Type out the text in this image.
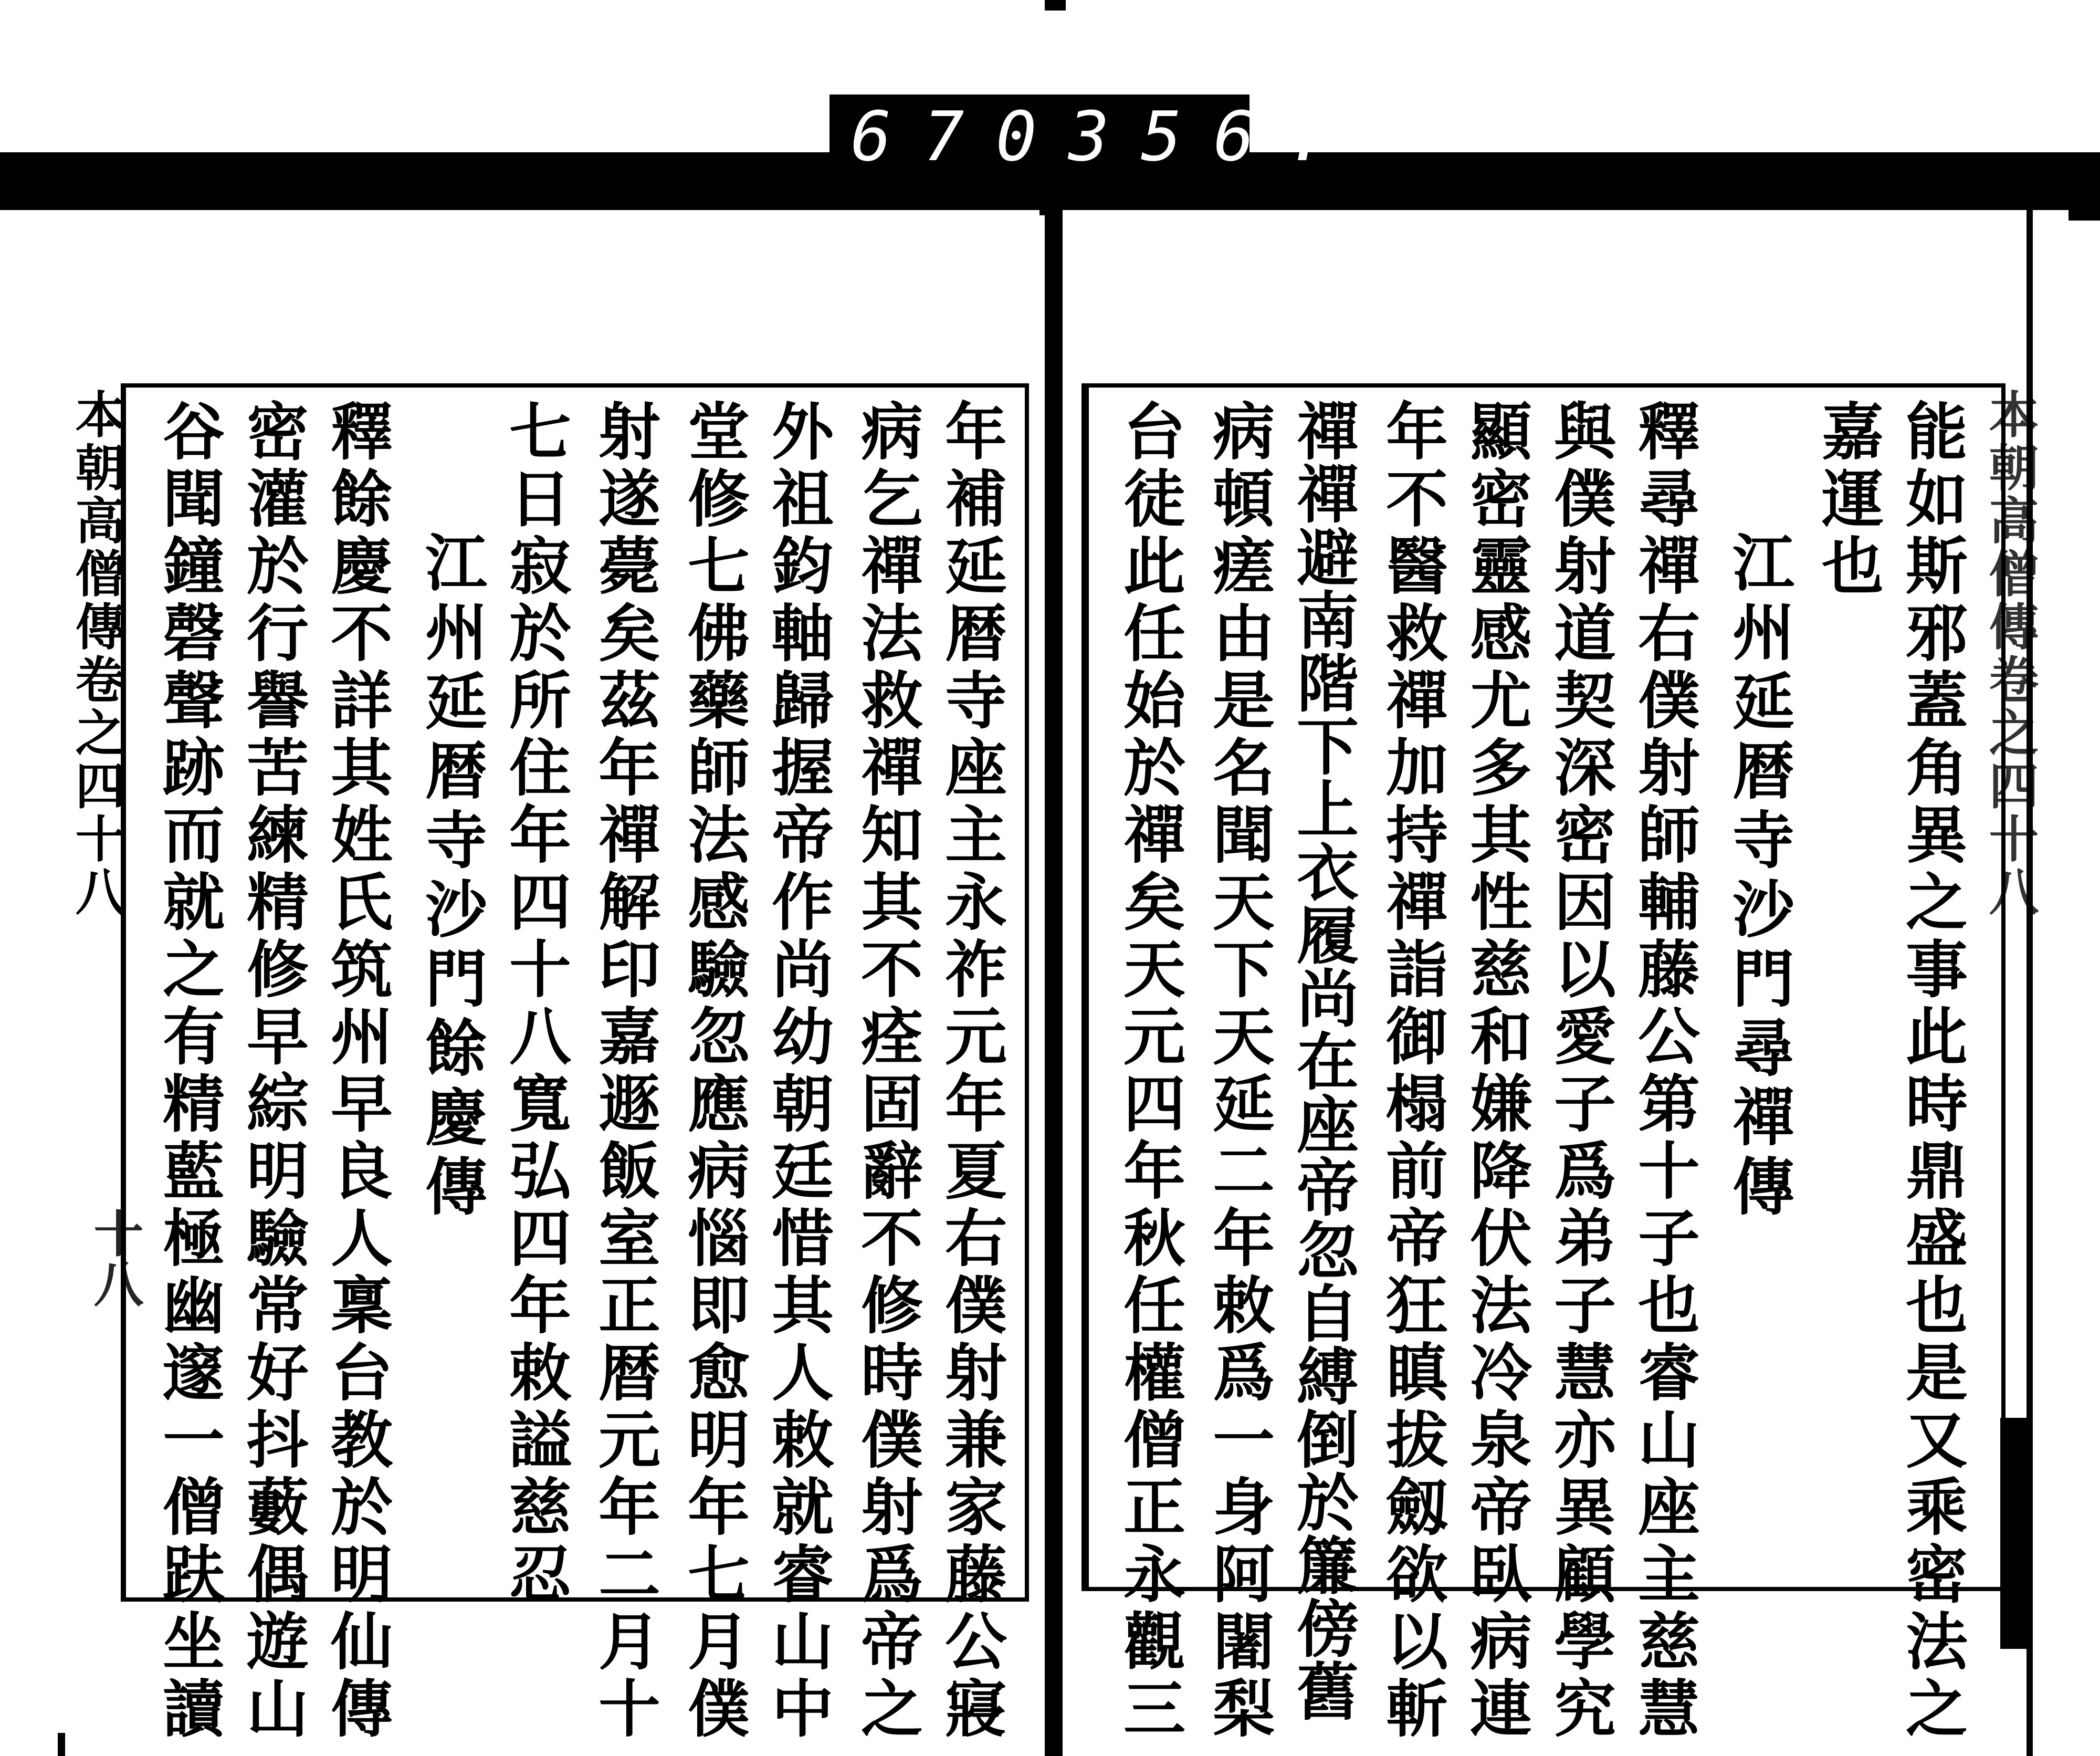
670 356.
本朝高僧傳卷之四十八
十八
本朝高僧傳卷之四十八
能如斯邪蓋角異之事此時鼎盛也是又乘密法之
嘉運也
江州延暦寺沙門尋禪傳
釋尋禪右僕射師輔藤公第十子也睿山座主慈慧
與僕射道契深密因以愛子爲弟子慧亦異顧學究
顯密靈感尤多其性慈和嫌降伏法冷泉帝臥病連
年不醫救禪加持禪詣御榻前帝狂瞋拔劔欲以斬
禪禪避南階下上衣履尚在座帝忽自縛倒於簾傍舊
病頓瘥由是名聞天下天延二年敕爲一身阿闍梨
台徒此任始於禪矣天元四年秋任權僧正永觀三
年補延暦寺座主永祚元年夏右僕射兼家藤公寢
病乞禪法救禪知其不痊固辭不修時僕射爲帝之
外祖鈞軸歸握帝作尚幼朝廷惜其人敕就睿山中
堂修七佛藥師法感驗忽應病惱即愈明年七月僕
射遂薨矣茲年禪解印嘉遯飯室正暦元年二月十
七日寂於所住年四十八寬弘四年敕謚慈忍
江州延暦寺沙門餘慶傳
釋餘慶不詳其姓氏筑州早良人稟台教於明仙傳
密灌於行譽苦練精修早綜明驗常好抖藪偶遊山
谷聞鐘磬聲跡而就之有精藍極幽邃一僧趺坐讀
